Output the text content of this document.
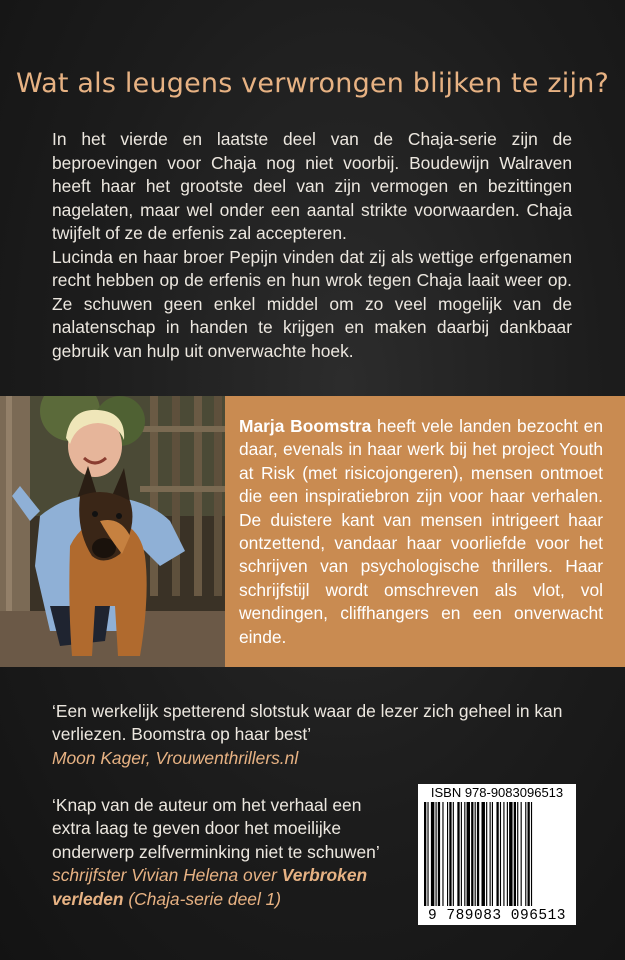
Wat als leugens verwrongen blijken te zijn?

In het vierde en laatste deel van de Chaja-serie zijn de beproevingen voor Chaja nog niet voorbij. Boudewijn Walraven heeft haar het grootste deel van zijn vermogen en bezittingen nagelaten, maar wel onder een aantal strikte voorwaarden. Chaja twijfelt of ze de erfenis zal accepteren.

Lucinda en haar broer Pepijn vinden dat zij als wettige erfgenamen recht hebben op de erfenis en hun wrok tegen Chaja laait weer op. Ze schuwen geen enkel middel om zo veel mogelijk van de nalatenschap in handen te krijgen en maken daarbij dankbaar gebruik van hulp uit onverwachte hoek.

Marja Boomstra heeft vele landen bezocht en daar, evenals in haar werk bij het project Youth at Risk (met risicojongeren), mensen ontmoet die een inspiratiebron zijn voor haar verhalen. De duistere kant van mensen intrigeert haar ontzettend, vandaar haar voorliefde voor het schrijven van psychologische thrillers. Haar schrijfstijl wordt omschreven als vlot, vol wendingen, cliffhangers en een onverwacht einde.
‘Een werkelijk spetterend slotstuk waar de lezer zich geheel in kan verliezen. Boomstra op haar best’
Moon Kager, Vrouwenthrillers.nl
‘Knap van de auteur om het verhaal een extra laag te geven door het moeilijke onderwerp zelfverminking niet te schuwen’
schrijfster Vivian Helena over Verbroken verleden (Chaja-serie deel 1)
ISBN 978-9083096513
9 789083 096513
